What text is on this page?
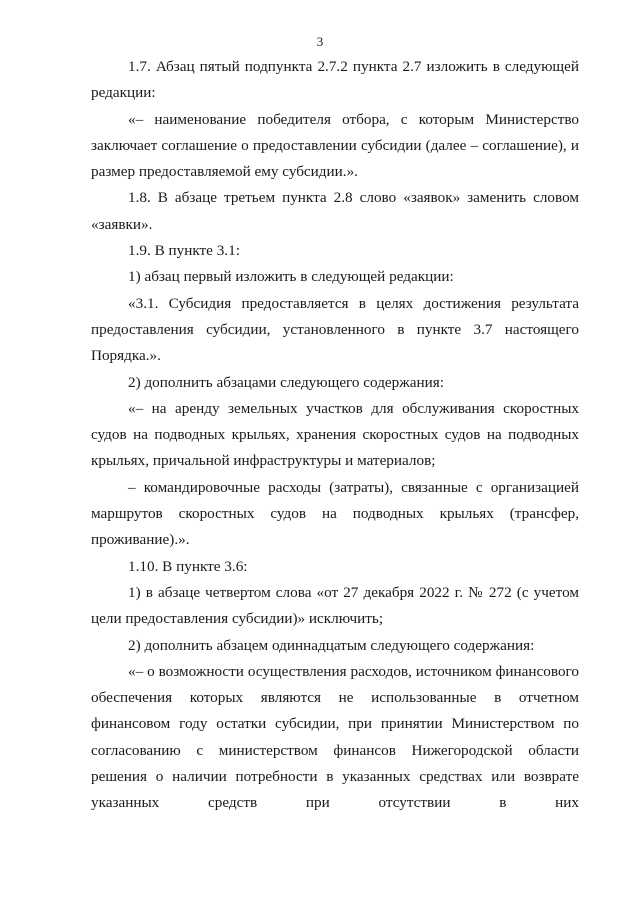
3

1.7. Абзац пятый подпункта 2.7.2 пункта 2.7 изложить в следующей редакции:

«– наименование победителя отбора, с которым Министерство заключает соглашение о предоставлении субсидии (далее – соглашение), и размер предоставляемой ему субсидии.».

1.8. В абзаце третьем пункта 2.8 слово «заявок» заменить словом «заявки».

1.9. В пункте 3.1:

1) абзац первый изложить в следующей редакции:

«3.1. Субсидия предоставляется в целях достижения результата предоставления субсидии, установленного в пункте 3.7 настоящего Порядка.».

2) дополнить абзацами следующего содержания:

«– на аренду земельных участков для обслуживания скоростных судов на подводных крыльях, хранения скоростных судов на подводных крыльях, причальной инфраструктуры и материалов;

– командировочные расходы (затраты), связанные с организацией маршрутов скоростных судов на подводных крыльях (трансфер, проживание).».

1.10. В пункте 3.6:

1) в абзаце четвертом слова «от 27 декабря 2022 г. № 272 (с учетом цели предоставления субсидии)» исключить;

2) дополнить абзацем одиннадцатым следующего содержания:

«– о возможности осуществления расходов, источником финансового обеспечения которых являются не использованные в отчетном финансовом году остатки субсидии, при принятии Министерством по согласованию с министерством финансов Нижегородской области решения о наличии потребности в указанных средствах или возврате указанных средств при отсутствии в них
